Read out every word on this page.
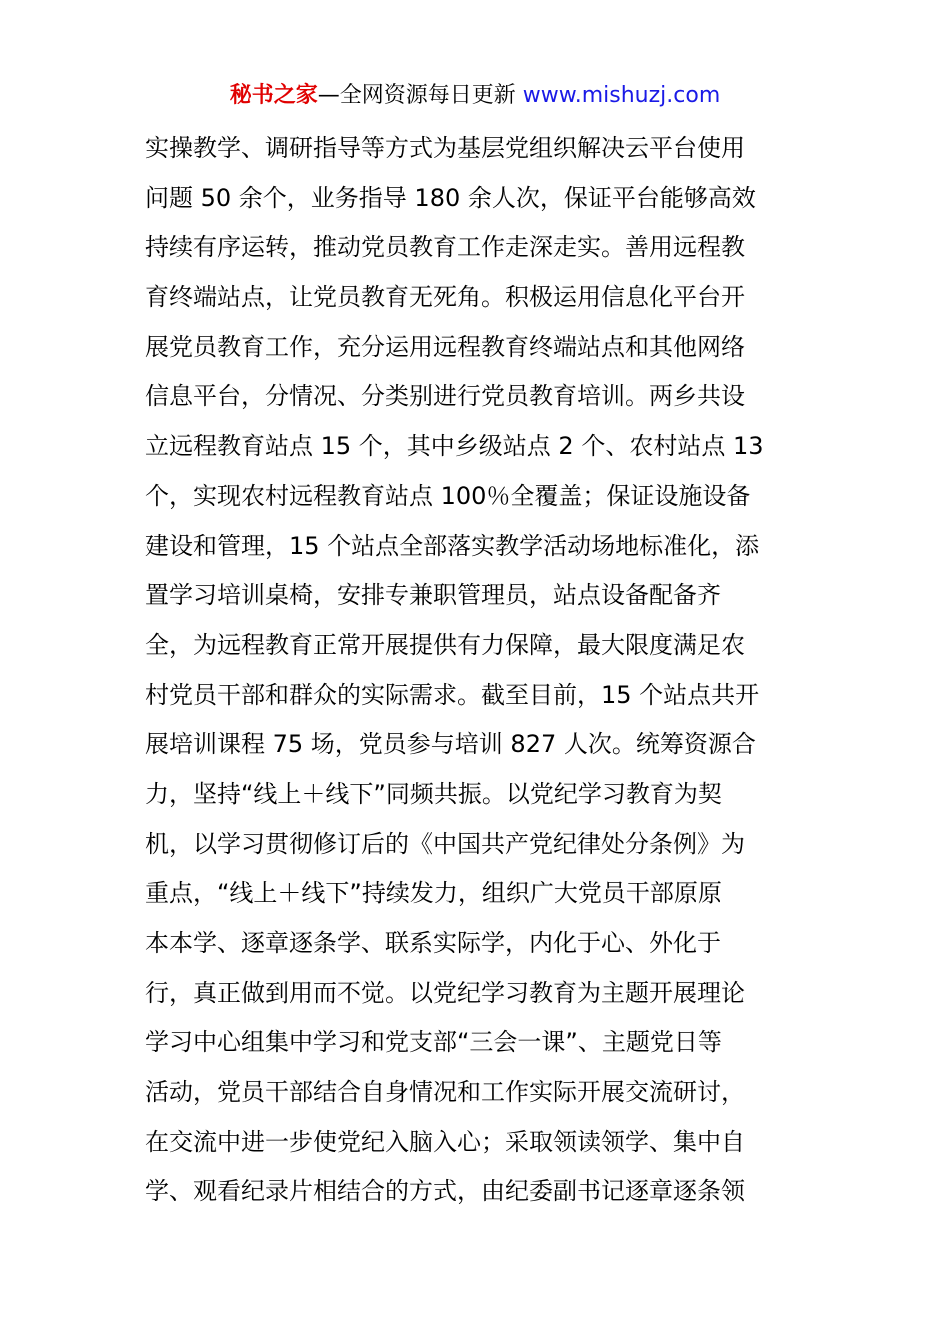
秘书之家—全网资源每日更新 www.mishuzj.com
实操教学、调研指导等方式为基层党组织解决云平台使用
问题 50 余个，业务指导 180 余人次，保证平台能够高效
持续有序运转，推动党员教育工作走深走实。善用远程教
育终端站点，让党员教育无死角。积极运用信息化平台开
展党员教育工作，充分运用远程教育终端站点和其他网络
信息平台，分情况、分类别进行党员教育培训。两乡共设
立远程教育站点 15 个，其中乡级站点 2 个、农村站点 13
个，实现农村远程教育站点 100％全覆盖；保证设施设备
建设和管理，15 个站点全部落实教学活动场地标准化，添
置学习培训桌椅，安排专兼职管理员，站点设备配备齐
全，为远程教育正常开展提供有力保障，最大限度满足农
村党员干部和群众的实际需求。截至目前，15 个站点共开
展培训课程 75 场，党员参与培训 827 人次。统筹资源合
力，坚持“线上＋线下”同频共振。以党纪学习教育为契
机，以学习贯彻修订后的《中国共产党纪律处分条例》为
重点，“线上＋线下”持续发力，组织广大党员干部原原
本本学、逐章逐条学、联系实际学，内化于心、外化于
行，真正做到用而不觉。以党纪学习教育为主题开展理论
学习中心组集中学习和党支部“三会一课”、主题党日等
活动，党员干部结合自身情况和工作实际开展交流研讨，
在交流中进一步使党纪入脑入心；采取领读领学、集中自
学、观看纪录片相结合的方式，由纪委副书记逐章逐条领
